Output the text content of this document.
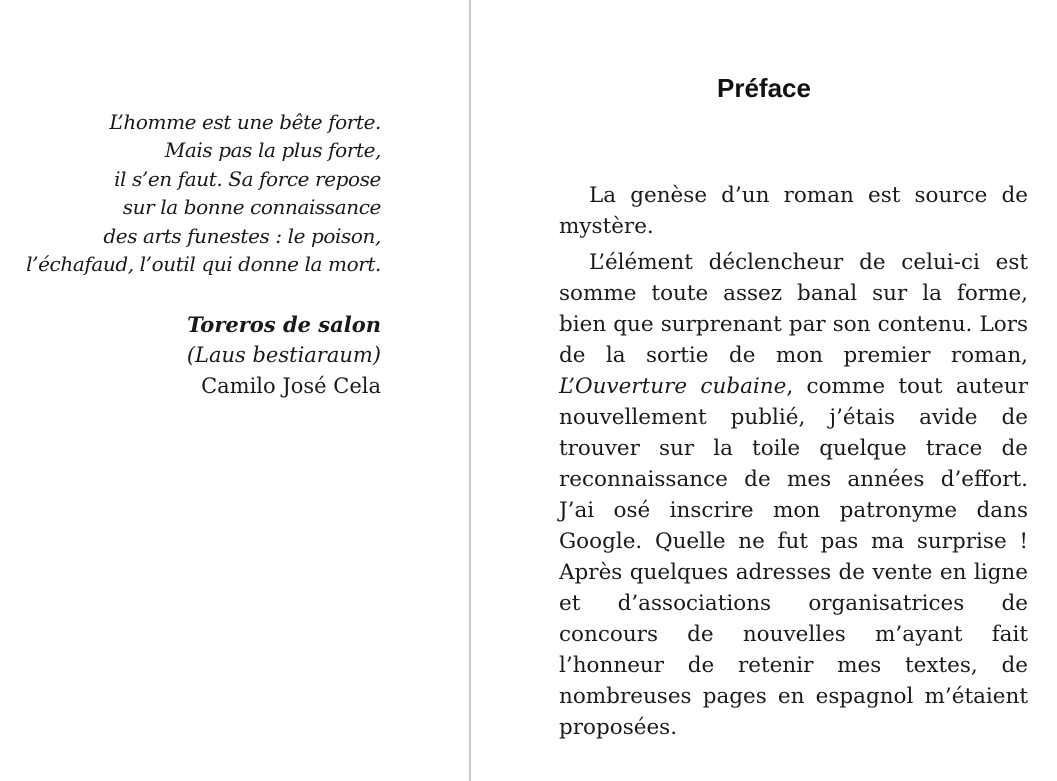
L’homme est une bête forte.
Mais pas la plus forte,
il s’en faut. Sa force repose
sur la bonne connaissance
des arts funestes : le poison,
l’échafaud, l’outil qui donne la mort.
Toreros de salon
(Laus bestiaraum)
Camilo José Cela
Préface

La genèse d’un roman est source de mystère.

L’élément déclencheur de celui-ci est somme toute assez banal sur la forme, bien que surprenant par son contenu. Lors de la sortie de mon premier roman, L’Ouverture cubaine, comme tout auteur nouvellement publié, j’étais avide de trouver sur la toile quelque trace de reconnaissance de mes années d’effort. J’ai osé inscrire mon patronyme dans Google. Quelle ne fut pas ma surprise ! Après quelques adresses de vente en ligne et d’associations organisatrices de concours de nouvelles m’ayant fait l’honneur de retenir mes textes, de nombreuses pages en espagnol m’étaient proposées.
